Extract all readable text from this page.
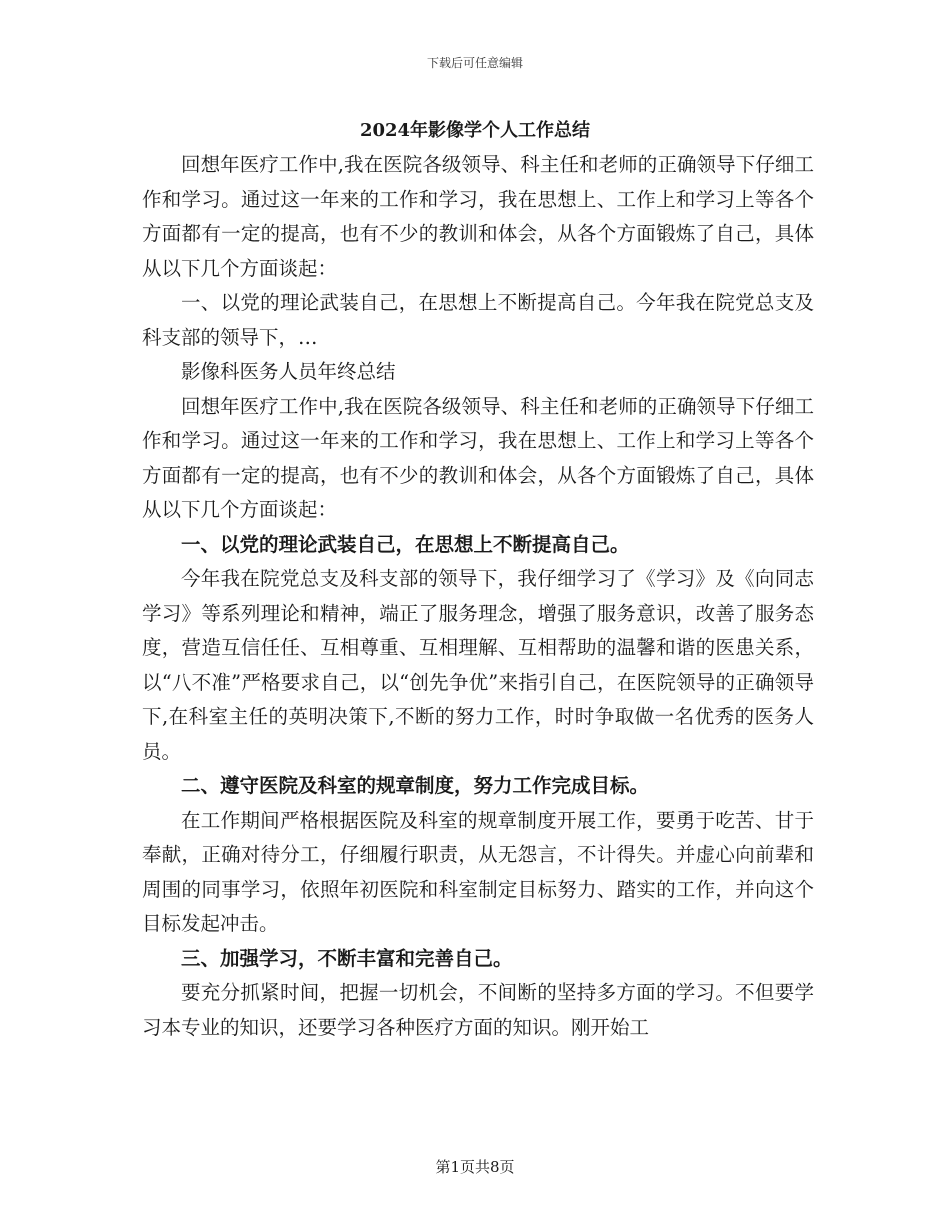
下载后可任意编辑
2024年影像学个人工作总结

回想年医疗工作中,我在医院各级领导、科主任和老师的正确领导下仔细工作和学习。通过这一年来的工作和学习，我在思想上、工作上和学习上等各个方面都有一定的提高，也有不少的教训和体会，从各个方面锻炼了自己，具体从以下几个方面谈起：

一、以党的理论武装自己，在思想上不断提高自己。今年我在院党总支及科支部的领导下，…

影像科医务人员年终总结

回想年医疗工作中,我在医院各级领导、科主任和老师的正确领导下仔细工作和学习。通过这一年来的工作和学习，我在思想上、工作上和学习上等各个方面都有一定的提高，也有不少的教训和体会，从各个方面锻炼了自己，具体从以下几个方面谈起：

一、以党的理论武装自己，在思想上不断提高自己。

今年我在院党总支及科支部的领导下，我仔细学习了《学习》及《向同志学习》等系列理论和精神，端正了服务理念，增强了服务意识，改善了服务态度，营造互信任任、互相尊重、互相理解、互相帮助的温馨和谐的医患关系，以“八不准”严格要求自己，以“创先争优”来指引自己，在医院领导的正确领导下,在科室主任的英明决策下,不断的努力工作，时时争取做一名优秀的医务人员。

二、遵守医院及科室的规章制度，努力工作完成目标。

在工作期间严格根据医院及科室的规章制度开展工作，要勇于吃苦、甘于奉献，正确对待分工，仔细履行职责，从无怨言，不计得失。并虚心向前辈和周围的同事学习，依照年初医院和科室制定目标努力、踏实的工作，并向这个目标发起冲击。

三、加强学习，不断丰富和完善自己。

要充分抓紧时间，把握一切机会，不间断的坚持多方面的学习。不但要学习本专业的知识，还要学习各种医疗方面的知识。刚开始工

第1页共8页
